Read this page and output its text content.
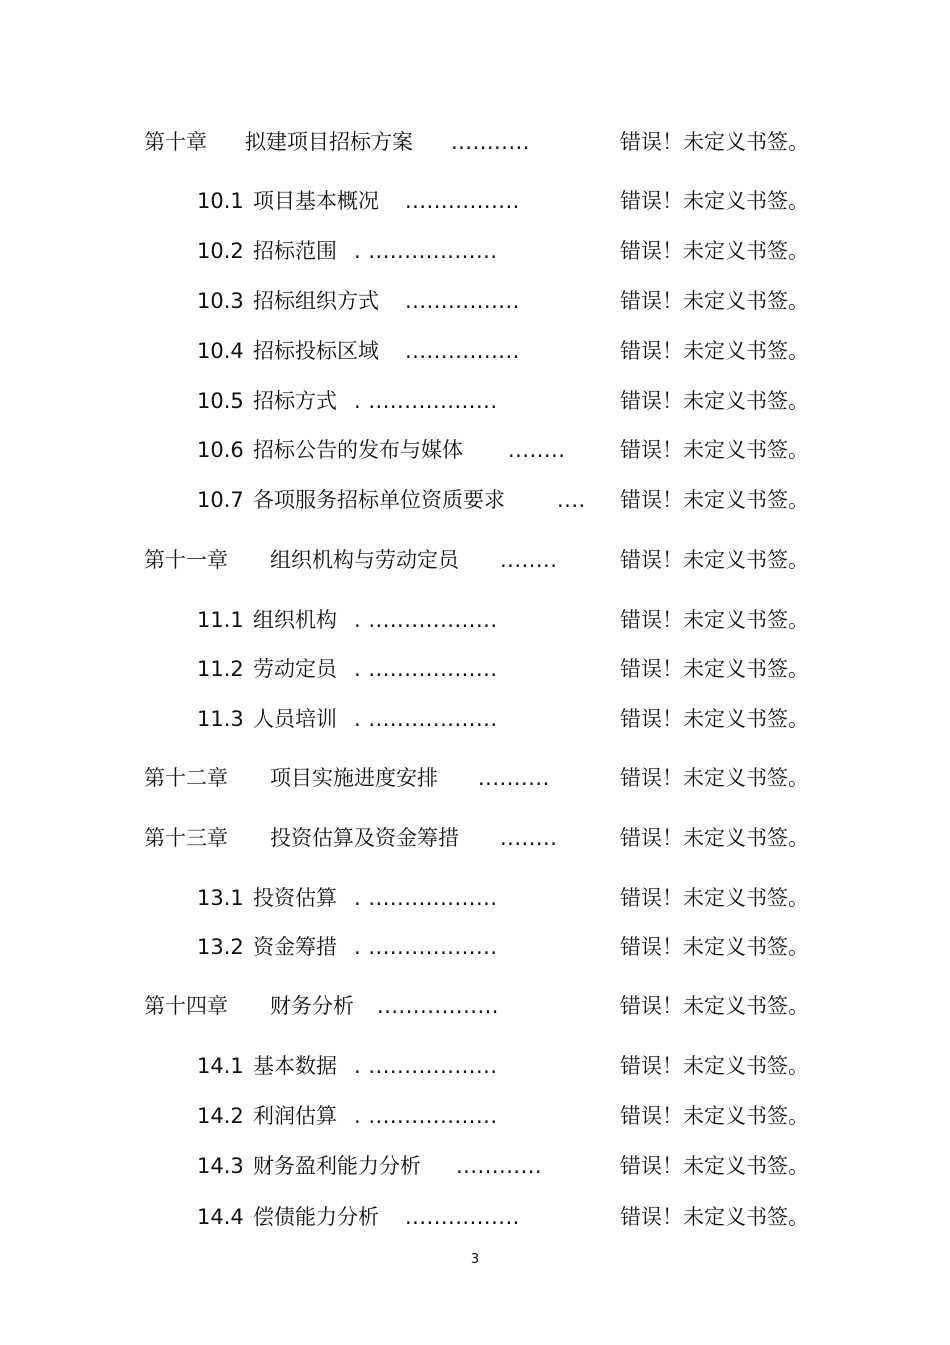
第十章 拟建项目招标方案 ...........	错误！未定义书签。
10.1 项目基本概况 ................	错误！未定义书签。
10.2 招标范围 . ..................	错误！未定义书签。
10.3 招标组织方式 ................	错误！未定义书签。
10.4 招标投标区域 ................	错误！未定义书签。
10.5 招标方式 . ..................	错误！未定义书签。
10.6 招标公告的发布与媒体 ........	错误！未定义书签。
10.7 各项服务招标单位资质要求 .... 错误！未定义书签。
第十一章 组织机构与劳动定员 ........	错误！未定义书签。
11.1 组织机构 . ..................	错误！未定义书签。
11.2 劳动定员 . ..................	错误！未定义书签。
11.3 人员培训 . ..................	错误！未定义书签。
第十二章 项目实施进度安排 ..........	错误！未定义书签。
第十三章 投资估算及资金筹措 ........	错误！未定义书签。
13.1 投资估算 . ..................	错误！未定义书签。
13.2 资金筹措 . ..................	错误！未定义书签。
第十四章 财务分析 .................	错误！未定义书签。
14.1 基本数据 . ..................	错误！未定义书签。
14.2 利润估算 . ..................	错误！未定义书签。
14.3 财务盈利能力分析 ............	错误！未定义书签。
14.4 偿债能力分析 ................	错误！未定义书签。
3
